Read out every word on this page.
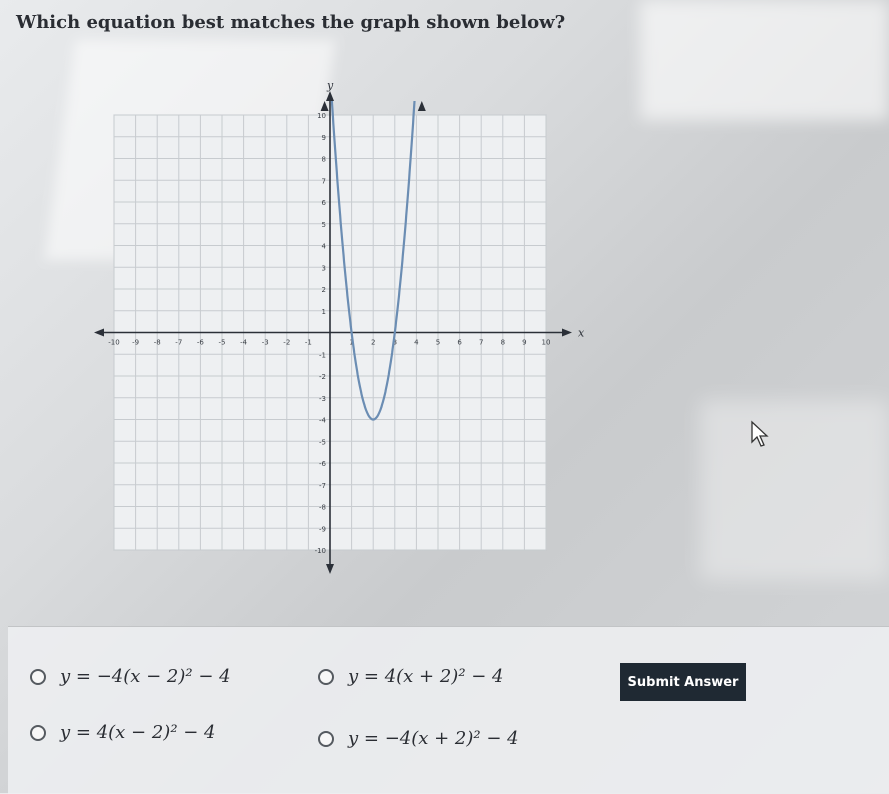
Which equation best matches the graph shown below?
x
y
-10 -9 -8 -7 -6 -5 -4 -3 -2 -1	1 2 3 4 5 6 7 8 9 10
-10
-9
-8
-7
-6
-5
-4
-3
-2
-1
1
2
3
4
5
6
7
8
9
10
y = −4(x − 2)² − 4	y = 4(x + 2)² − 4
y = 4(x − 2)² − 4	y = −4(x + 2)² − 4
Submit Answer
